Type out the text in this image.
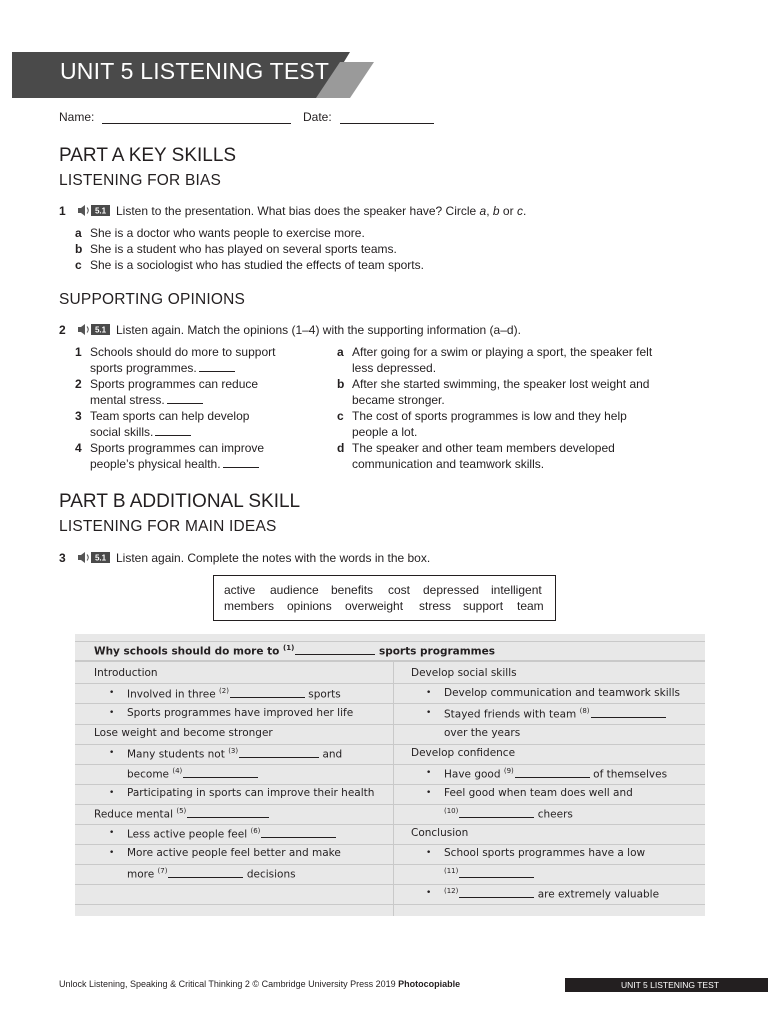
UNIT 5 LISTENING TEST
Name:	Date:
PART A KEY SKILLS
LISTENING FOR BIAS
1	5.1 Listen to the presentation. What bias does the speaker have? Circle a, b or c.
a She is a doctor who wants people to exercise more.
b She is a student who has played on several sports teams.
c She is a sociologist who has studied the effects of team sports.
SUPPORTING OPINIONS
2	5.1 Listen again. Match the opinions (1–4) with the supporting information (a–d).
1 Schools should do more to support
sports programmes.
2 Sports programmes can reduce
mental stress.
3 Team sports can help develop
social skills.
4 Sports programmes can improve
people’s physical health.
a After going for a swim or playing a sport, the speaker felt
less depressed.
b After she started swimming, the speaker lost weight and
became stronger.
c The cost of sports programmes is low and they help
people a lot.
d The speaker and other team members developed
communication and teamwork skills.
PART B ADDITIONAL SKILL
LISTENING FOR MAIN IDEAS
3	5.1 Listen again. Complete the notes with the words in the box.
active audience benefits cost depressed intelligent
members opinions overweight stress support team
Why schools should do more to $^{(1)}$	sports programmes
Introduction
• Involved in three $^{(2)}$	sports
• Sports programmes have improved her life
Lose weight and become stronger
• Many students not $^{(3)}$	and
become $^{(4)}$
• Participating in sports can improve their health
Reduce mental $^{(5)}$
• Less active people feel $^{(6)}$
• More active people feel better and make
more $^{(7)}$	decisions
Develop social skills
• Develop communication and teamwork skills
• Stayed friends with team $^{(8)}$
over the years
Develop confidence
• Have good $^{(9)}$	of themselves
• Feel good when team does well and
$^{(10)}$	cheers
Conclusion
• School sports programmes have a low
$^{(11)}$
• $^{(12)}$	are extremely valuable
Unlock Listening, Speaking & Critical Thinking 2 © Cambridge University Press 2019 Photocopiable	UNIT 5 LISTENING TEST
